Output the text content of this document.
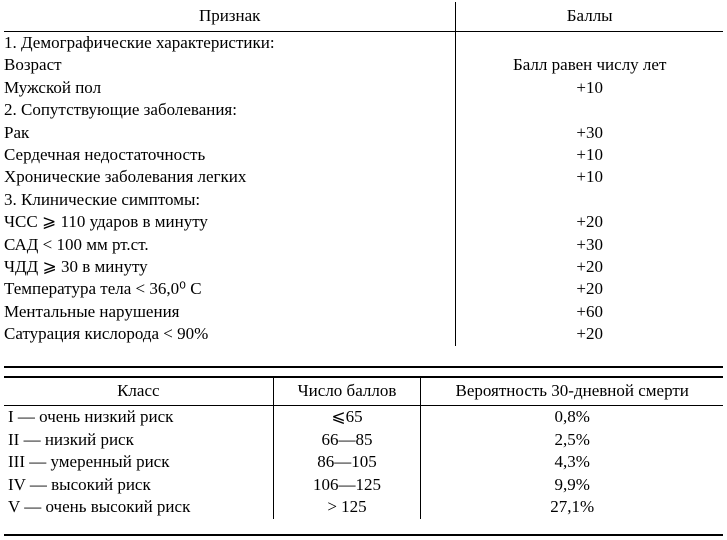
Признак	Баллы
1. Демографические характеристики:	
Возраст	Балл равен числу лет
Мужской пол	+10
2. Сопутствующие заболевания:	
Рак	+30
Сердечная недостаточность	+10
Хронические заболевания легких	+10
3. Клинические симптомы:	
ЧСС ⩾ 110 ударов в минуту	+20
САД < 100 мм рт.ст.	+30
ЧДД ⩾ 30 в минуту	+20
Температура тела < 36,0⁰ С	+20
Ментальные нарушения	+60
Сатурация кислорода < 90%	+20
Класс	Число баллов	Вероятность 30-дневной смерти
I — очень низкий риск	⩽65	0,8%
II — низкий риск	66—85	2,5%
III — умеренный риск	86—105	4,3%
IV — высокий риск	106—125	9,9%
V — очень высокий риск	> 125	27,1%
